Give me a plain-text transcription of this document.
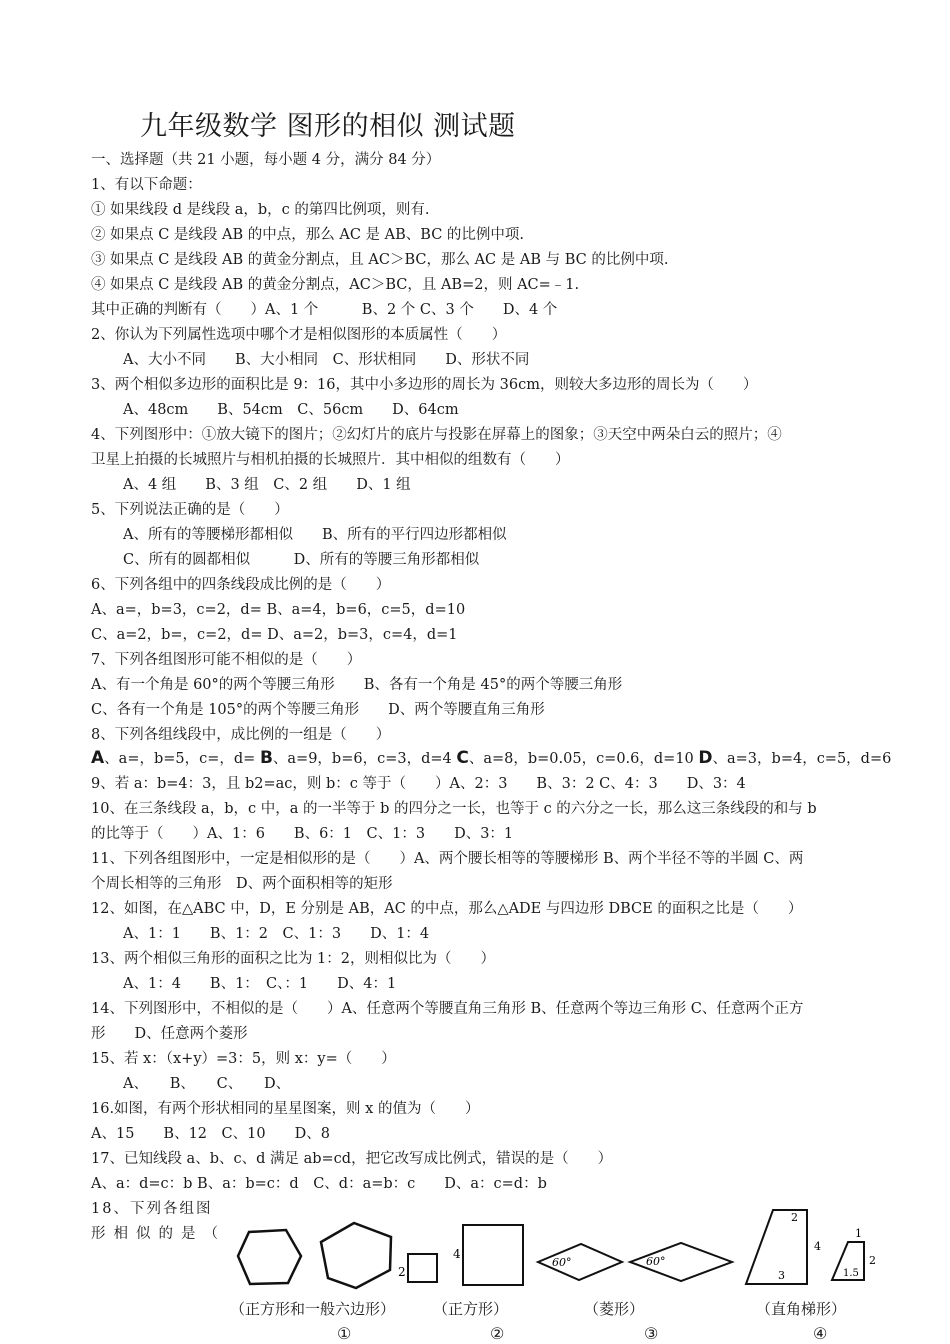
九年级数学 图形的相似 测试题
一、选择题（共 21 小题，每小题 4 分，满分 84 分）
1、有以下命题：
① 如果线段 d 是线段 a，b，c 的第四比例项，则有.
② 如果点 C 是线段 AB 的中点，那么 AC 是 AB、BC 的比例中项.
③ 如果点 C 是线段 AB 的黄金分割点，且 AC＞BC，那么 AC 是 AB 与 BC 的比例中项.
④ 如果点 C 是线段 AB 的黄金分割点，AC＞BC，且 AB=2，则 AC=﹣1.
其中正确的判断有（　　）A、1 个　　　B、2 个 C、3 个　　D、4 个
2、你认为下列属性选项中哪个才是相似图形的本质属性（　　）
A、大小不同　　B、大小相同　C、形状相同　　D、形状不同
3、两个相似多边形的面积比是 9：16，其中小多边形的周长为 36cm，则较大多边形的周长为（　　）
A、48cm　　B、54cm　C、56cm　　D、64cm
4、下列图形中：①放大镜下的图片；②幻灯片的底片与投影在屏幕上的图象；③天空中两朵白云的照片；④
卫星上拍摄的长城照片与相机拍摄的长城照片．其中相似的组数有（　　）
A、4 组　　B、3 组　C、2 组　　D、1 组
5、下列说法正确的是（　　）
A、所有的等腰梯形都相似　　B、所有的平行四边形都相似
C、所有的圆都相似　　　D、所有的等腰三角形都相似
6、下列各组中的四条线段成比例的是（　　）
A、a=，b=3，c=2，d= B、a=4，b=6，c=5，d=10
C、a=2，b=，c=2，d= D、a=2，b=3，c=4，d=1
7、下列各组图形可能不相似的是（　　）
A、有一个角是 60°的两个等腰三角形　　B、各有一个角是 45°的两个等腰三角形
C、各有一个角是 105°的两个等腰三角形　　D、两个等腰直角三角形
8、下列各组线段中，成比例的一组是（　　）
A、a=，b=5，c=，d= B、a=9，b=6，c=3，d=4 C、a=8，b=0.05，c=0.6，d=10 D、a=3，b=4，c=5，d=6
9、若 a：b=4：3，且 b2=ac，则 b：c 等于（　　）A、2：3　　B、3：2 C、4：3　　D、3：4
10、在三条线段 a，b，c 中，a 的一半等于 b 的四分之一长，也等于 c 的六分之一长，那么这三条线段的和与 b
的比等于（　　）A、1：6　　B、6：1　C、1：3　　D、3：1
11、下列各组图形中，一定是相似形的是（　　）A、两个腰长相等的等腰梯形 B、两个半径不等的半圆 C、两
个周长相等的三角形　D、两个面积相等的矩形
12、如图，在△ABC 中，D，E 分别是 AB，AC 的中点，那么△ADE 与四边形 DBCE 的面积之比是（　　）
A、1：1　　B、1：2　C、1：3　　D、1：4
13、两个相似三角形的面积之比为 1：2，则相似比为（　　）
A、1：4　　B、1：　C、：1　　D、4：1
14、下列图形中，不相似的是（　　）A、任意两个等腰直角三角形 B、任意两个等边三角形 C、任意两个正方
形　　D、任意两个菱形
15、若 x：（x+y）=3：5，则 x：y=（　　）
A、　　B、　　C、　　D、
16.如图，有两个形状相同的星星图案，则 x 的值为（　　）
A、15　　B、12　C、10　　D、8
17、已知线段 a、b、c、d 满足 ab=cd，把它改写成比例式，错误的是（　　）
A、a：d=c：b B、a：b=c：d　C、d：a=b：c　　D、a：c=d：b
18、下列各组图
形相似的是（
2
4
60°	60°
2
4
3
1
2
1.5
（正方形和一般六边形）	（正方形）	（菱形）	（直角梯形）
①	②	③	④
